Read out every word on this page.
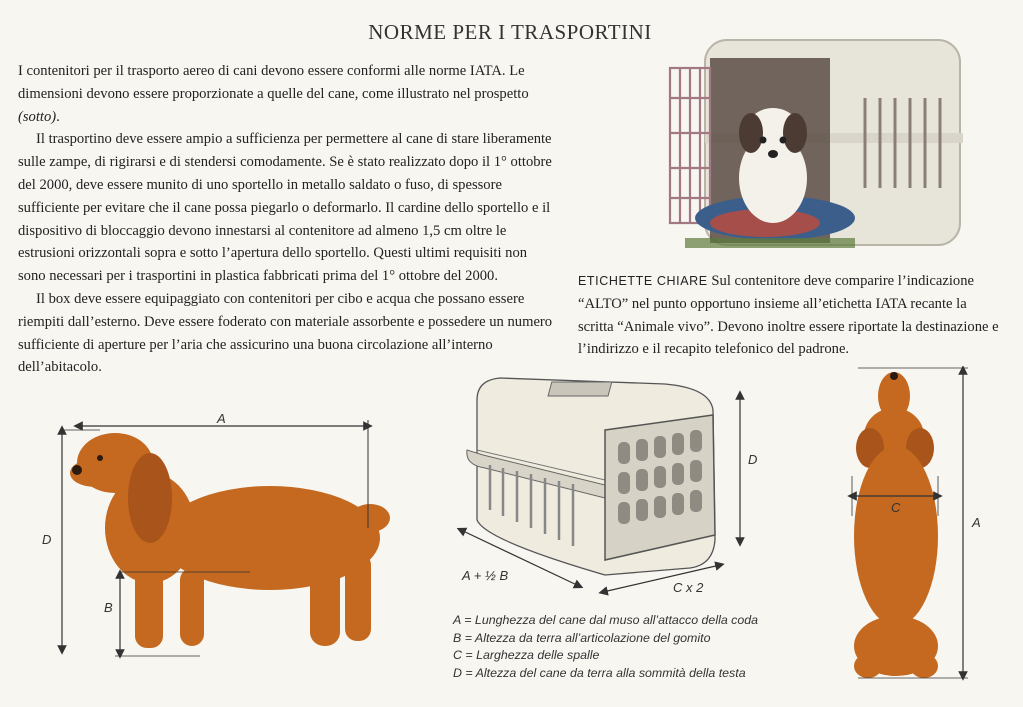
NORME PER I TRASPORTINI

I contenitori per il trasporto aereo di cani devono essere conformi alle norme IATA. Le dimensioni devono essere proporzionate a quelle del cane, come illustrato nel prospetto (sotto).

Il trasportino deve essere ampio a sufficienza per permettere al cane di stare liberamente sulle zampe, di rigirarsi e di stendersi comodamente. Se è stato realizzato dopo il 1° ottobre del 2000, deve essere munito di uno sportello in metallo saldato o fuso, di spessore sufficiente per evitare che il cane possa piegarlo o deformarlo. Il cardine dello sportello e il dispositivo di bloccaggio devono innestarsi al contenitore ad almeno 1,5 cm oltre le estrusioni orizzontali sopra e sotto l’apertura dello sportello. Questi ultimi requisiti non sono necessari per i trasportini in plastica fabbricati prima del 1° ottobre del 2000.

Il box deve essere equipaggiato con contenitori per cibo e acqua che possano essere riempiti dall’esterno. Deve essere foderato con materiale assorbente e possedere un numero sufficiente di aperture per l’aria che assicurino una buona circolazione all’interno dell’abitacolo.

ETICHETTE CHIARE Sul contenitore deve comparire l’indicazione “ALTO” nel punto opportuno insieme all’etichetta IATA recante la scritta “Animale vivo”. Devono inoltre essere riportate la destinazione e l’indirizzo e il recapito telefonico del padrone.
A
D
B
D
A + ½ B
C x 2
C
A
A = Lunghezza del cane dal muso all’attacco della coda
B = Altezza da terra all’articolazione del gomito
C = Larghezza delle spalle
D = Altezza del cane da terra alla sommità della testa
